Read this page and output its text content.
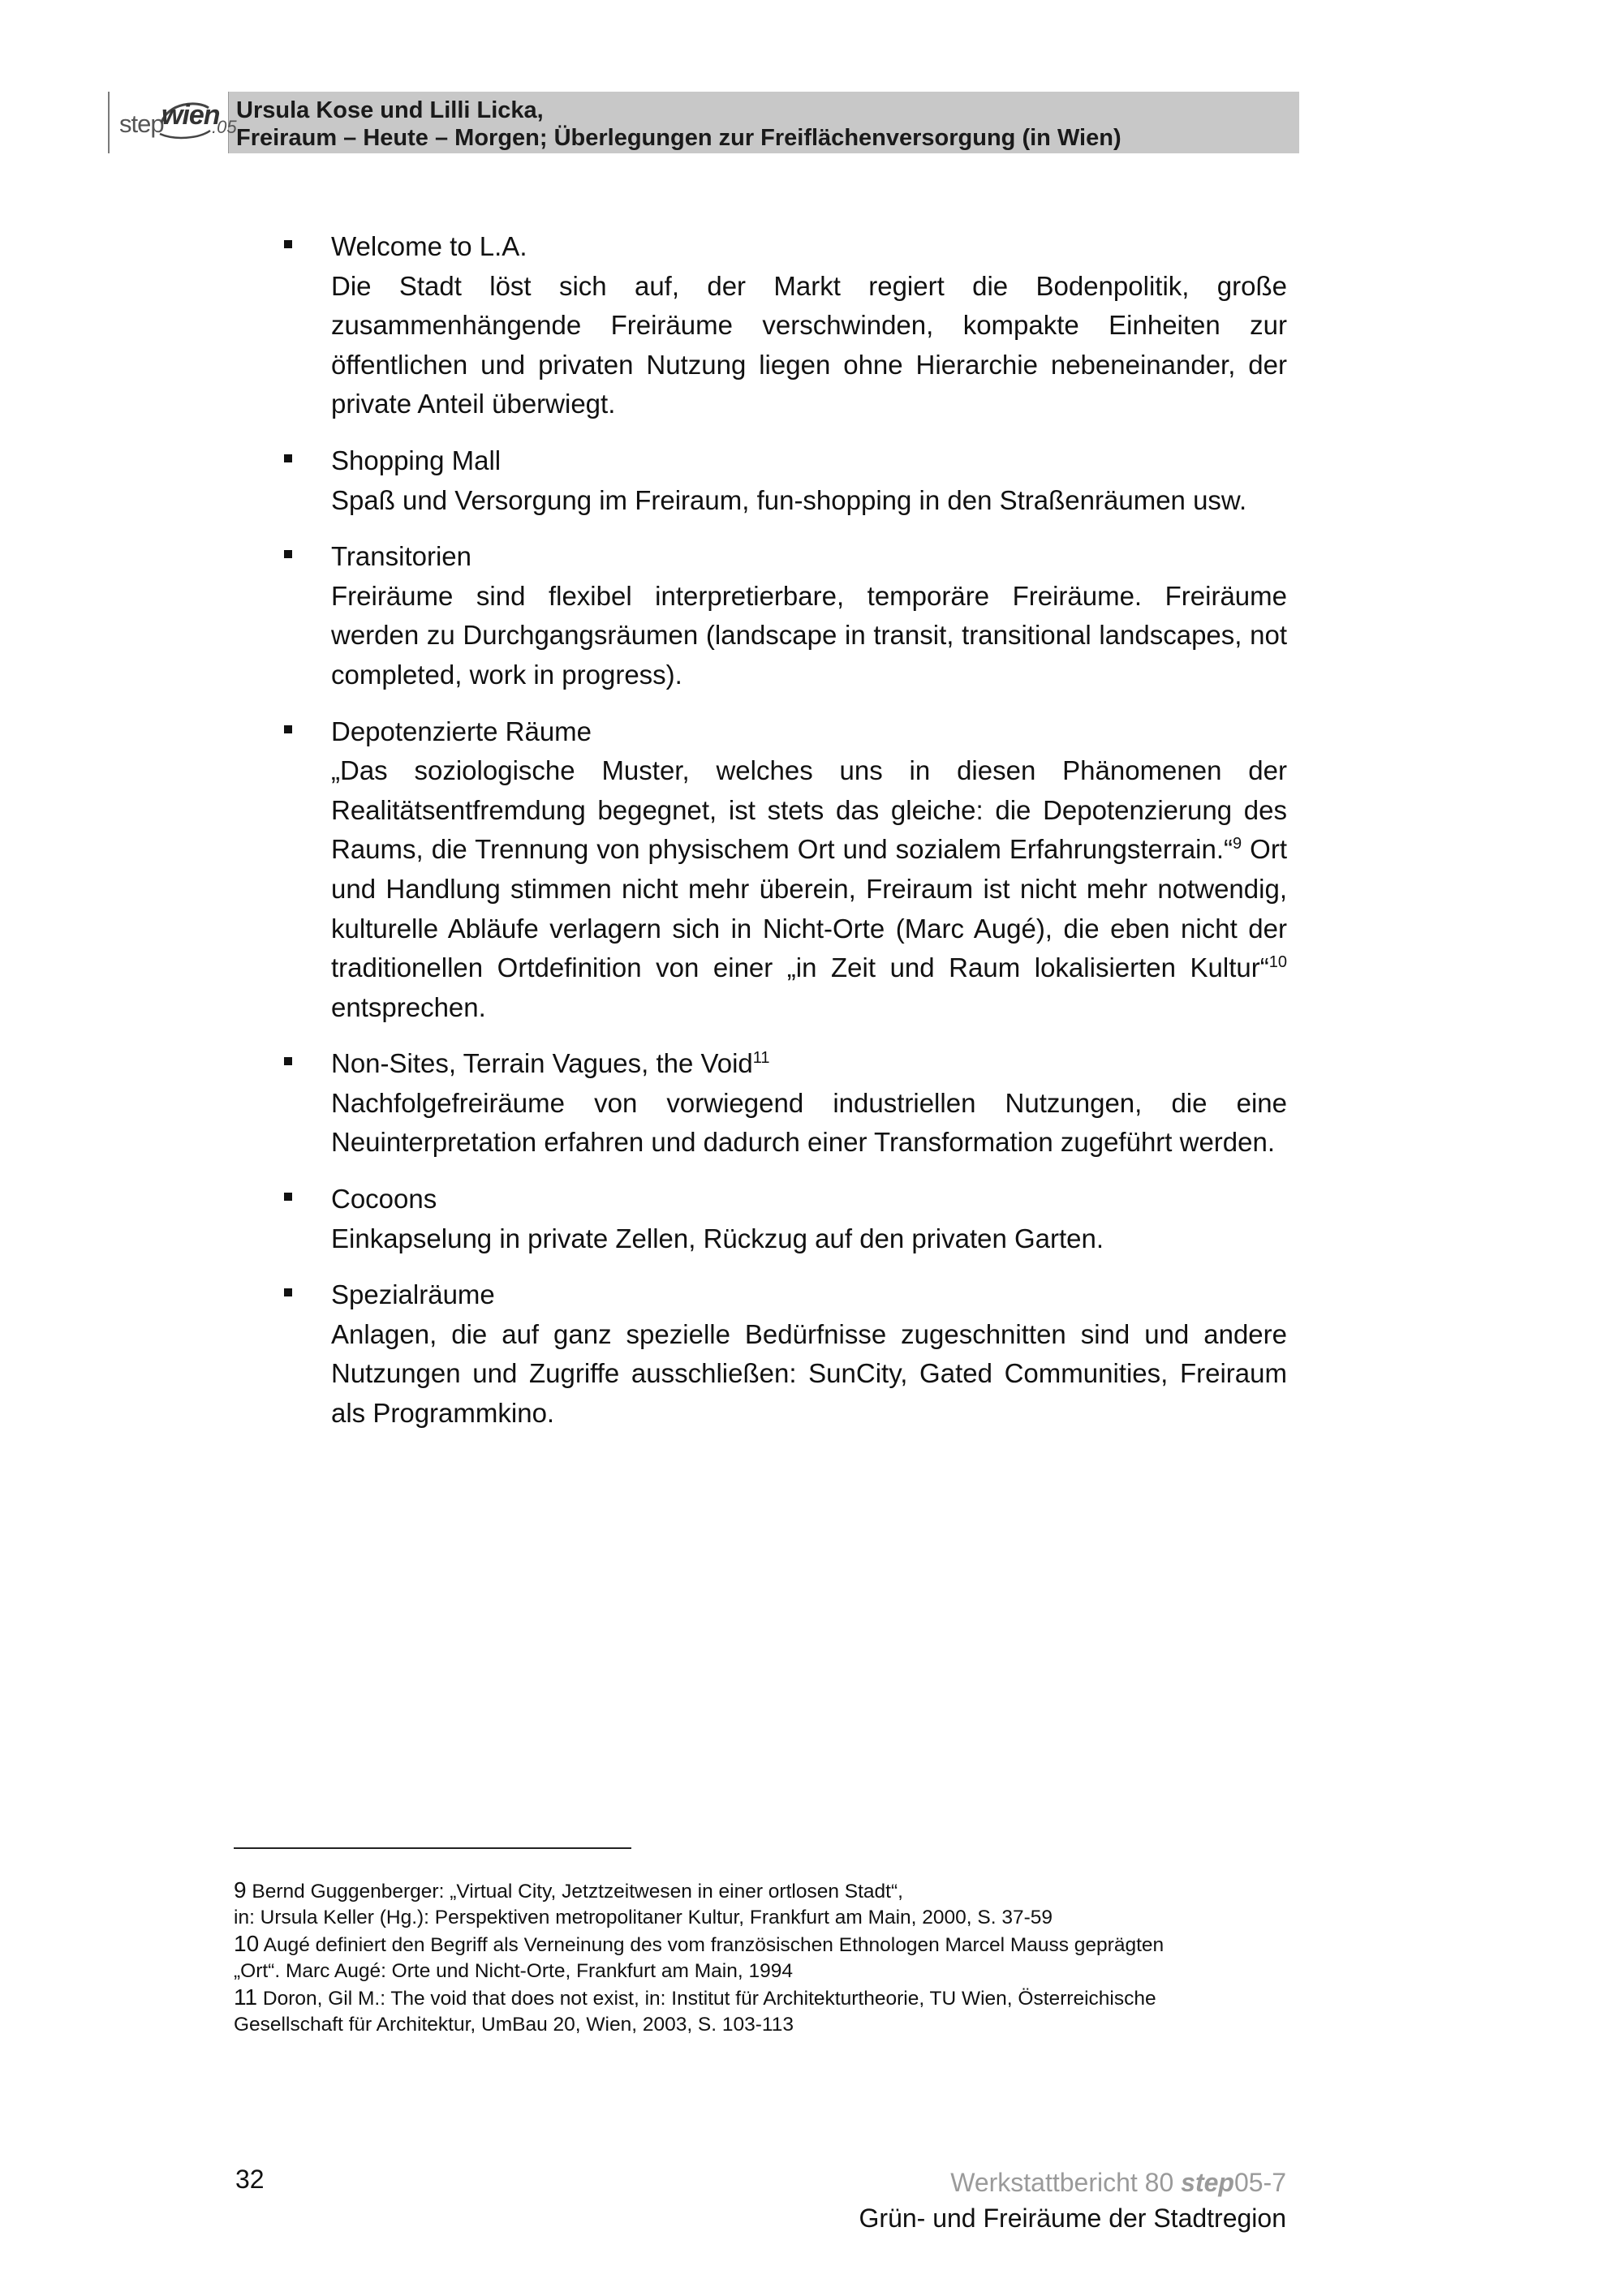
step
wien
.05
Ursula Kose und Lilli Licka,
Freiraum – Heute – Morgen; Überlegungen zur Freiflächenversorgung (in Wien)
Welcome to L.A.
Die Stadt löst sich auf, der Markt regiert die Bodenpolitik, große zusammenhängende Freiräume verschwinden, kompakte Einheiten zur öffentlichen und privaten Nutzung liegen ohne Hierarchie nebeneinander, der private Anteil überwiegt.
Shopping Mall
Spaß und Versorgung im Freiraum, fun-shopping in den Straßenräumen usw.
Transitorien
Freiräume sind flexibel interpretierbare, temporäre Freiräume. Freiräume werden zu Durchgangsräumen (landscape in transit, transitional landscapes, not completed, work in progress).
Depotenzierte Räume
„Das soziologische Muster, welches uns in diesen Phänomenen der Realitätsentfremdung begegnet, ist stets das gleiche: die Depotenzierung des Raums, die Trennung von physischem Ort und sozialem Erfahrungsterrain.“$^9$ Ort und Handlung stimmen nicht mehr überein, Freiraum ist nicht mehr notwendig, kulturelle Abläufe verlagern sich in Nicht-Orte (Marc Augé), die eben nicht der traditionellen Ortdefinition von einer „in Zeit und Raum lokalisierten Kultur“$^{10}$ entsprechen.
Non-Sites, Terrain Vagues, the Void$^{11}$
Nachfolgefreiräume von vorwiegend industriellen Nutzungen, die eine Neuinterpretation erfahren und dadurch einer Transformation zugeführt werden.
Cocoons
Einkapselung in private Zellen, Rückzug auf den privaten Garten.
Spezialräume
Anlagen, die auf ganz spezielle Bedürfnisse zugeschnitten sind und andere Nutzungen und Zugriffe ausschließen: SunCity, Gated Communities, Freiraum als Programmkino.
9 Bernd Guggenberger: „Virtual City, Jetztzeitwesen in einer ortlosen Stadt“,
in: Ursula Keller (Hg.): Perspektiven metropolitaner Kultur, Frankfurt am Main, 2000, S. 37-59
10 Augé definiert den Begriff als Verneinung des vom französischen Ethnologen Marcel Mauss geprägten
„Ort“. Marc Augé: Orte und Nicht-Orte, Frankfurt am Main, 1994
11 Doron, Gil M.: The void that does not exist, in: Institut für Architekturtheorie, TU Wien, Österreichische
Gesellschaft für Architektur, UmBau 20, Wien, 2003, S. 103-113
32	Werkstattbericht 80 step05-7
Grün- und Freiräume der Stadtregion
